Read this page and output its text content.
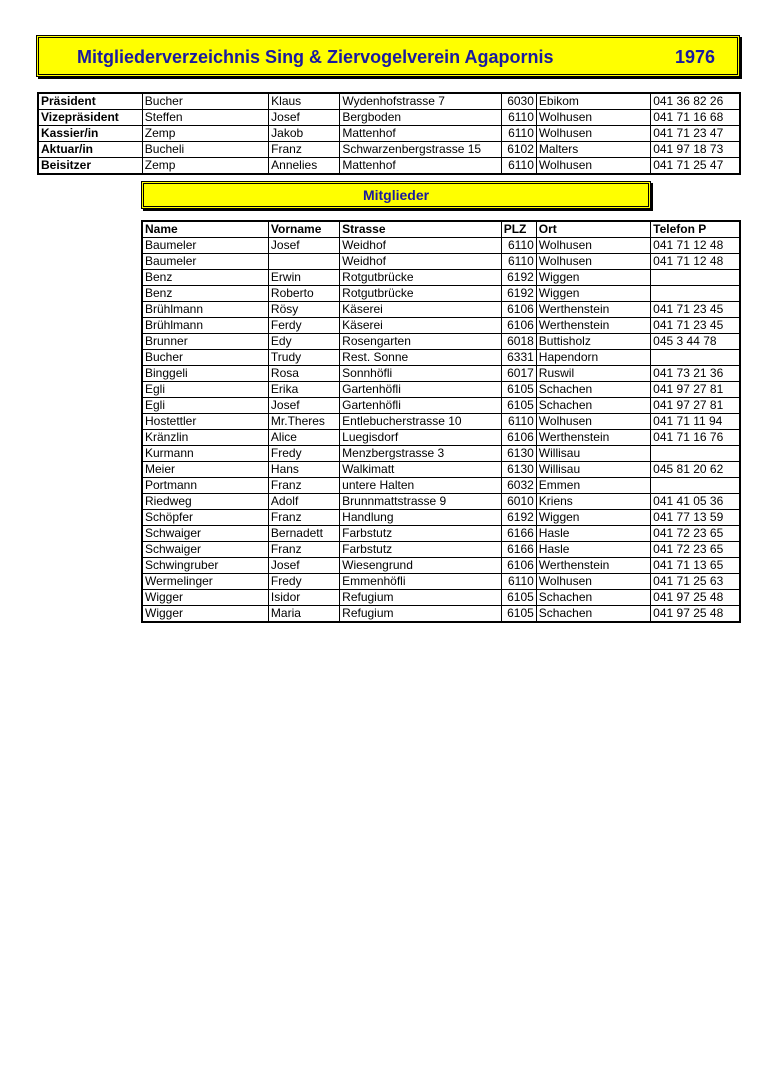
Mitgliederverzeichnis Sing & Ziervogelverein Agapornis	1976
Präsident	Bucher	Klaus	Wydenhofstrasse 7	6030	Ebikom	041 36 82 26
Vizepräsident	Steffen	Josef	Bergboden	6110	Wolhusen	041 71 16 68
Kassier/in	Zemp	Jakob	Mattenhof	6110	Wolhusen	041 71 23 47
Aktuar/in	Bucheli	Franz	Schwarzenbergstrasse 15	6102	Malters	041 97 18 73
Beisitzer	Zemp	Annelies	Mattenhof	6110	Wolhusen	041 71 25 47
Mitglieder
Name	Vorname	Strasse	PLZ	Ort	Telefon P
Baumeler	Josef	Weidhof	6110	Wolhusen	041 71 12 48
Baumeler		Weidhof	6110	Wolhusen	041 71 12 48
Benz	Erwin	Rotgutbrücke	6192	Wiggen	
Benz	Roberto	Rotgutbrücke	6192	Wiggen	
Brühlmann	Rösy	Käserei	6106	Werthenstein	041 71 23 45
Brühlmann	Ferdy	Käserei	6106	Werthenstein	041 71 23 45
Brunner	Edy	Rosengarten	6018	Buttisholz	045 3 44 78
Bucher	Trudy	Rest. Sonne	6331	Hapendorn	
Binggeli	Rosa	Sonnhöfli	6017	Ruswil	041 73 21 36
Egli	Erika	Gartenhöfli	6105	Schachen	041 97 27 81
Egli	Josef	Gartenhöfli	6105	Schachen	041 97 27 81
Hostettler	Mr.Theres	Entlebucherstrasse 10	6110	Wolhusen	041 71 11 94
Kränzlin	Alice	Luegisdorf	6106	Werthenstein	041 71 16 76
Kurmann	Fredy	Menzbergstrasse 3	6130	Willisau	
Meier	Hans	Walkimatt	6130	Willisau	045 81 20 62
Portmann	Franz	untere Halten	6032	Emmen	
Riedweg	Adolf	Brunnmattstrasse 9	6010	Kriens	041 41 05 36
Schöpfer	Franz	Handlung	6192	Wiggen	041 77 13 59
Schwaiger	Bernadett	Farbstutz	6166	Hasle	041 72 23 65
Schwaiger	Franz	Farbstutz	6166	Hasle	041 72 23 65
Schwingruber	Josef	Wiesengrund	6106	Werthenstein	041 71 13 65
Wermelinger	Fredy	Emmenhöfli	6110	Wolhusen	041 71 25 63
Wigger	Isidor	Refugium	6105	Schachen	041 97 25 48
Wigger	Maria	Refugium	6105	Schachen	041 97 25 48
